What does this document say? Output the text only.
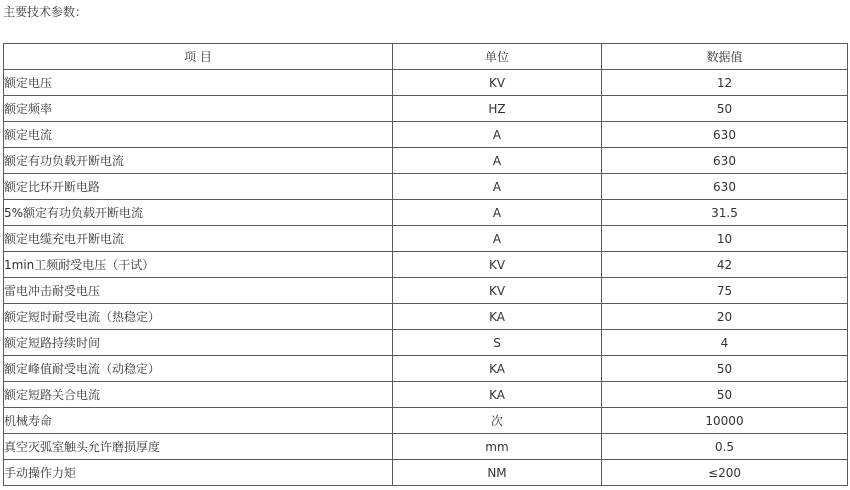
主要技术参数：
项 目	单位	数据值
额定电压	KV	12
额定频率	HZ	50
额定电流	A	630
额定有功负载开断电流	A	630
额定比环开断电路	A	630
5%额定有功负载开断电流	A	31.5
额定电缆充电开断电流	A	10
1min工频耐受电压（干试）	KV	42
雷电冲击耐受电压	KV	75
额定短时耐受电流（热稳定）	KA	20
额定短路持续时间	S	4
额定峰值耐受电流（动稳定）	KA	50
额定短路关合电流	KA	50
机械寿命	次	10000
真空灭弧室触头允许磨损厚度	mm	0.5
手动操作力矩	NM	≤200
